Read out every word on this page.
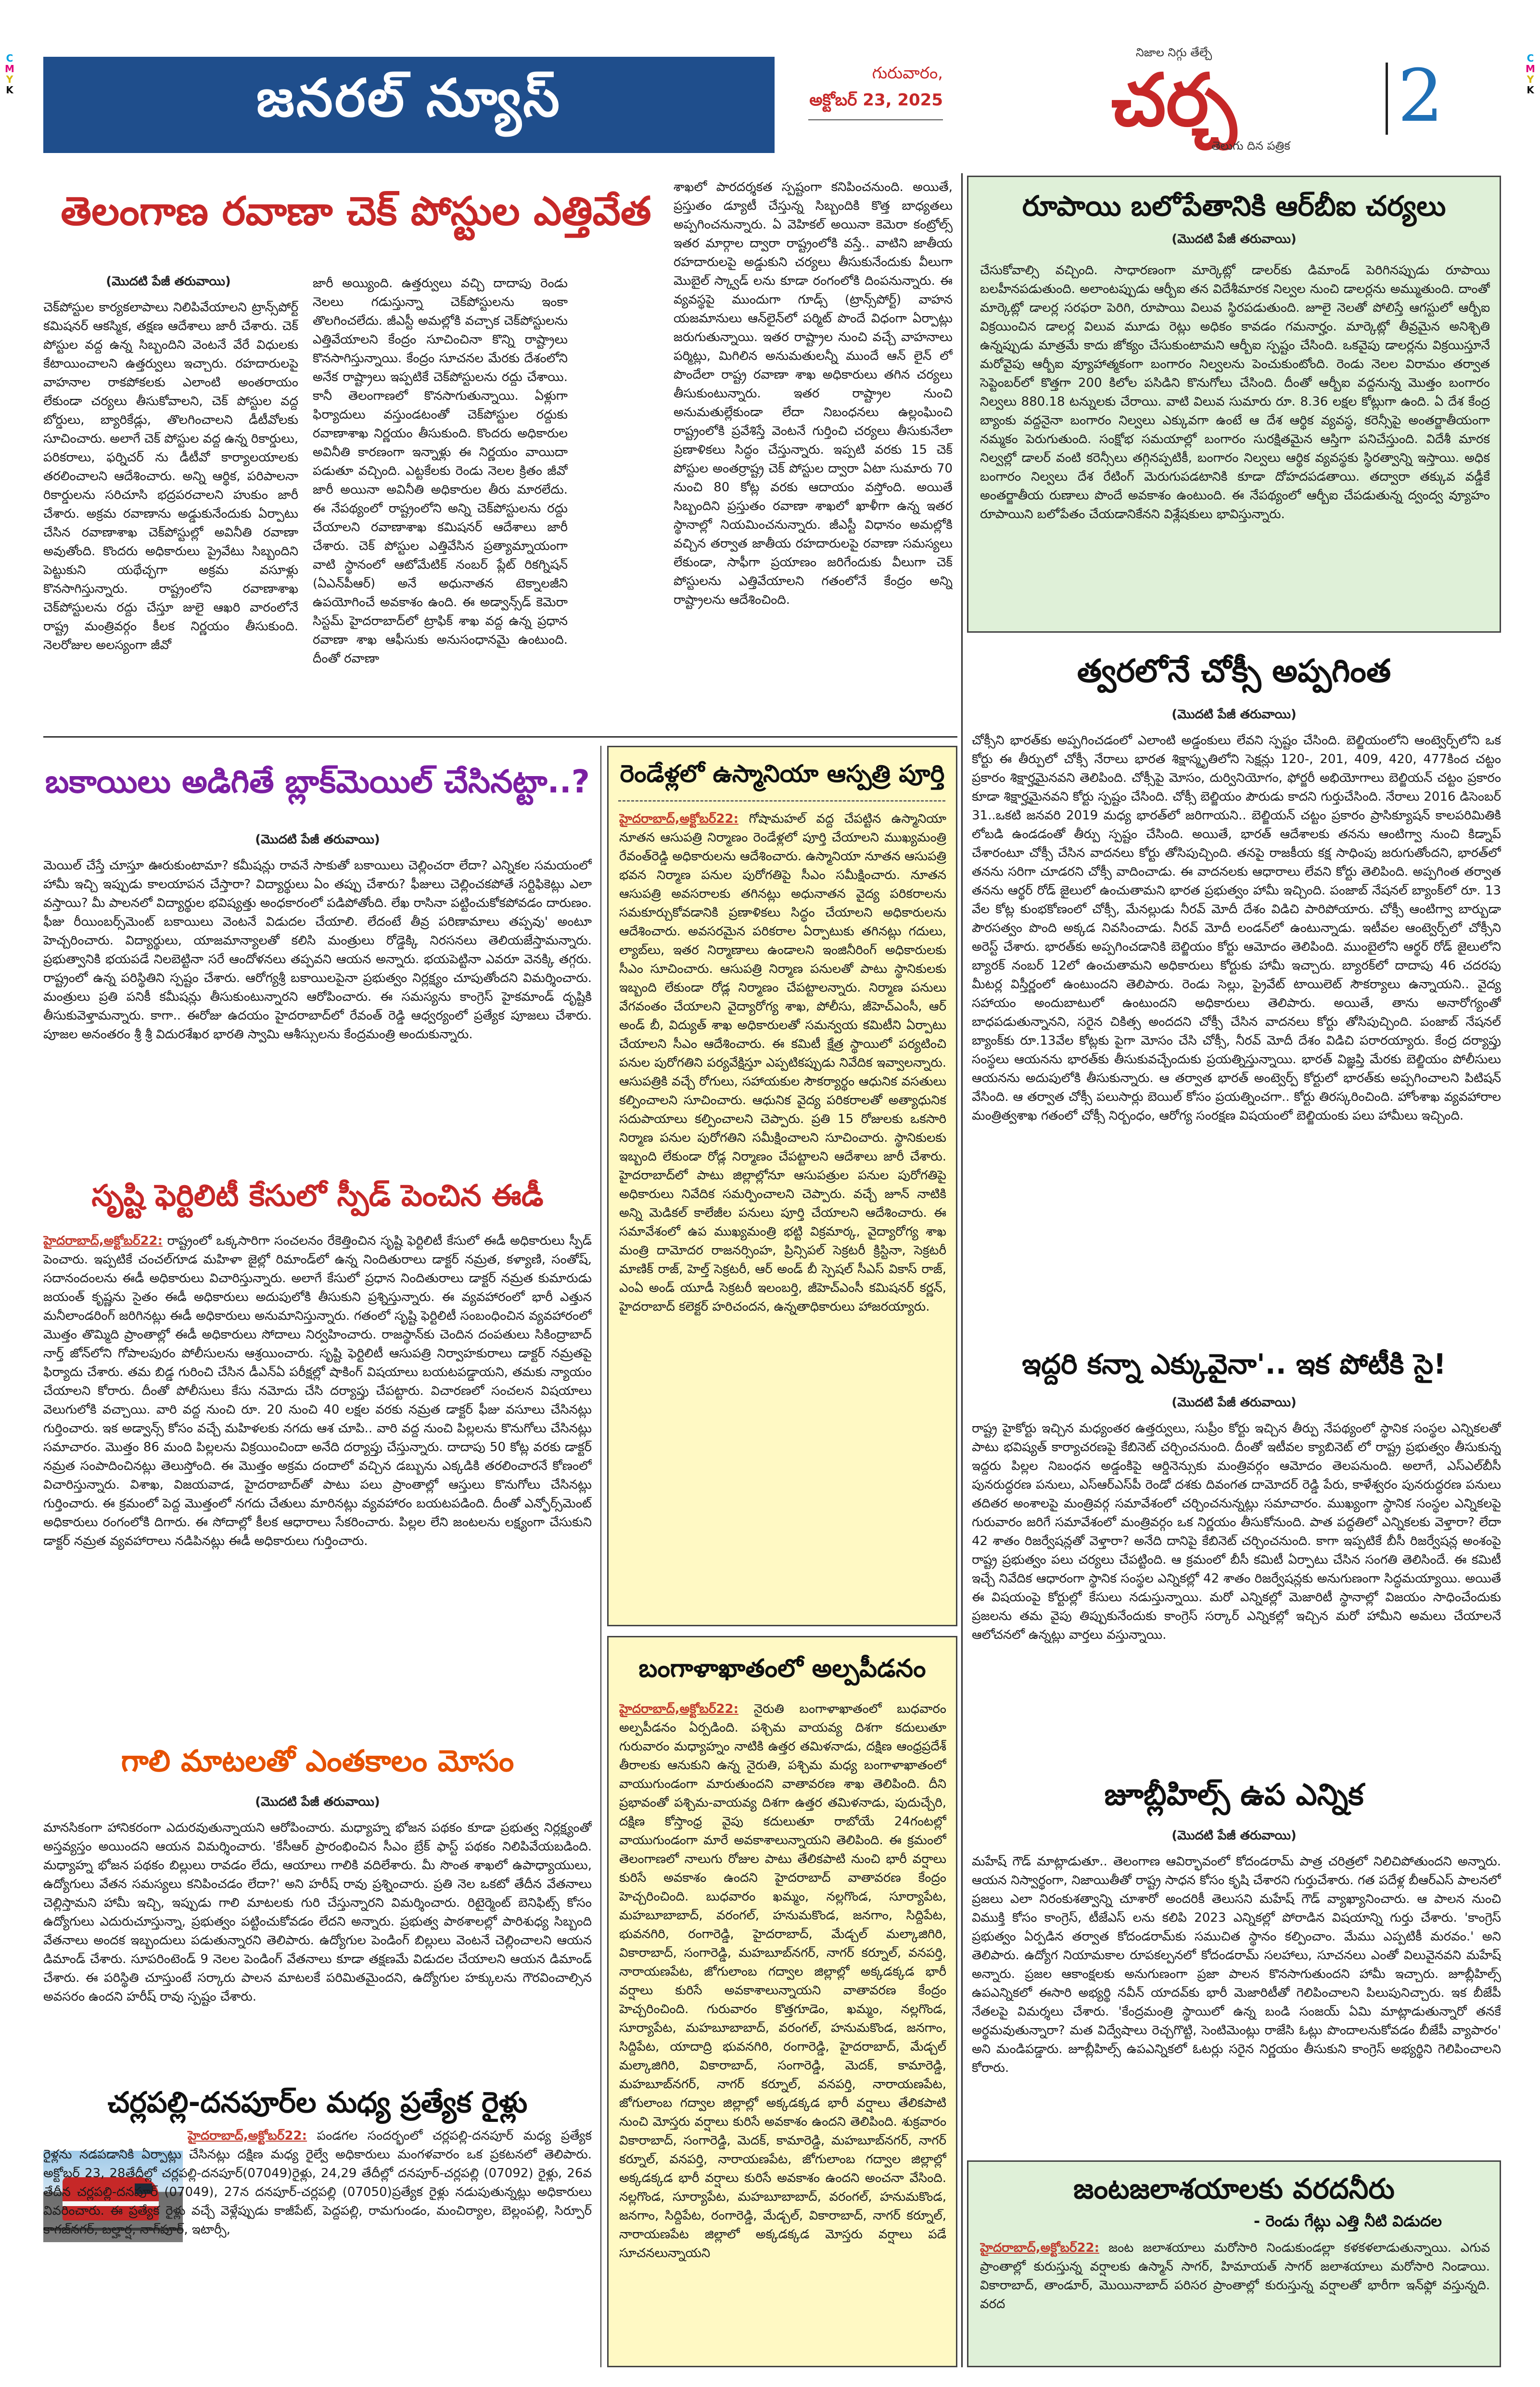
C
M
Y
K
C
M
Y
K
జనరల్ న్యూస్	గురువారం,
అక్టోబర్ 23, 2025
నిజాల నిగ్గు తేల్చే
చర్చ
తెలుగు దిన పత్రిక
2
తెలంగాణ రవాణా చెక్ పోస్టుల ఎత్తివేత
(మొదటి పేజీ తరువాయి)
చెక్‌పోస్టుల కార్యకలాపాలు నిలిపివేయాలని ట్రాన్స్‌పోర్ట్ కమిషనర్ ఆకస్మిక, తక్షణ ఆదేశాలు జారీ చేశారు. చెక్ పోస్టుల వద్ద ఉన్న సిబ్బందిని వెంటనే వేరే విధులకు కేటాయించాలని ఉత్తర్వులు ఇచ్చారు. రహదారులపై వాహనాల రాకపోకలకు ఎలాంటి అంతరాయం లేకుండా చర్యలు తీసుకోవాలని, చెక్ పోస్టుల వద్ద బోర్డులు, బ్యారికేడ్లు, తొలగించాలని డీటీవోలకు సూచించారు. అలాగే చెక్ పోస్టుల వద్ద ఉన్న రికార్డులు, పరికరాలు, ఫర్నిచర్ ను డీటీవో కార్యాలయాలకు తరలించాలని ఆదేశించారు. అన్ని ఆర్థిక, పరిపాలనా రికార్డులను సరిచూసి భద్రపరచాలని హుకుం జారీ చేశారు. అక్రమ రవాణాను అడ్డుకునేందుకు ఏర్పాటు చేసిన రవాణాశాఖ చెక్‌పోస్టుల్లో అవినీతి రవాణా అవుతోంది. కొందరు అధికారులు ప్రైవేటు సిబ్బందిని పెట్టుకుని యథేచ్ఛగా అక్రమ వసూళ్లు కొనసాగిస్తున్నారు. రాష్ట్రంలోని రవాణాశాఖ చెక్‌పోస్టులను రద్దు చేస్తూ జులై ఆఖరి వారంలోనే రాష్ట్ర మంత్రివర్గం కీలక నిర్ణయం తీసుకుంది. నెలరోజుల అలస్యంగా జీవో
జారీ అయ్యింది. ఉత్తర్వులు వచ్చి దాదాపు రెండు నెలలు గడుస్తున్నా చెక్‌పోస్టులను ఇంకా తొలగించలేదు. జీఎస్టీ అమల్లోకి వచ్చాక చెక్‌పోస్టులను ఎత్తివేయాలని కేంద్రం సూచించినా కొన్ని రాష్ట్రాలు కొనసాగిస్తున్నాయి. కేంద్రం సూచనల మేరకు దేశంలోని అనేక రాష్ట్రాలు ఇప్పటికే చెక్‌పోస్టులను రద్దు చేశాయి. కానీ తెలంగాణలో కొనసాగుతున్నాయి. ఏళ్లుగా ఫిర్యాదులు వస్తుండటంతో చెక్‌పోస్టుల రద్దుకు రవాణాశాఖ నిర్ణయం తీసుకుంది. కొందరు అధికారుల అవినీతి కారణంగా ఇన్నాళ్లు ఈ నిర్ణయం వాయిదా పడుతూ వచ్చింది. ఎట్టకేలకు రెండు నెలల క్రితం జీవో జారీ అయినా అవినీతి అధికారుల తీరు మారలేదు. ఈ నేపథ్యంలో రాష్ట్రంలోని అన్ని చెక్‌పోస్టులను రద్దు చేయాలని రవాణాశాఖ కమిషనర్ ఆదేశాలు జారీ చేశారు. చెక్ పోస్టుల ఎత్తివేసిన ప్రత్యామ్నాయంగా వాటి స్థానంలో ఆటోమేటిక్ నంబర్ ప్లేట్ రికగ్నిషన్ (ఏఎన్‌పీఆర్) అనే అధునాతన టెక్నాలజీని ఉపయోగించే అవకాశం ఉంది. ఈ అడ్వాన్స్‌డ్ కెమెరా సిస్టమ్ హైదరాబాద్‌లో ట్రాఫిక్ శాఖ వద్ద ఉన్న ప్రధాన రవాణా శాఖ ఆఫీసుకు అనుసంధానమై ఉంటుంది. దీంతో రవాణా
శాఖలో పారదర్శకత స్పష్టంగా కనిపించనుంది. అయితే, ప్రస్తుతం డ్యూటీ చేస్తున్న సిబ్బందికి కొత్త బాధ్యతలు అప్పగించనున్నారు. ఏ వెహికల్ అయినా కెమెరా కంట్రోల్స్ ఇతర మార్గాల ద్వారా రాష్ట్రంలోకి వస్తే.. వాటిని జాతీయ రహదారులపై అడ్డుకుని చర్యలు తీసుకునేందుకు వీలుగా మొబైల్ స్క్వాడ్ లను కూడా రంగంలోకి దింపనున్నారు. ఈ వ్యవస్థపై ముందుగా గూడ్స్ (ట్రాన్స్‌పోర్ట్) వాహన యజమానులు ఆన్‌లైన్‌లో పర్మిట్ పొందే విధంగా ఏర్పాట్లు జరుగుతున్నాయి. ఇతర రాష్ట్రాల నుంచి వచ్చే వాహనాలు పర్మిట్లు, మిగిలిన అనుమతులన్నీ ముందే ఆన్ లైన్ లో పొందేలా రాష్ట్ర రవాణా శాఖ అధికారులు తగిన చర్యలు తీసుకుంటున్నారు. ఇతర రాష్ట్రాల నుంచి అనుమతుల్లేకుండా లేదా నిబంధనలు ఉల్లంఘించి రాష్ట్రంలోకి ప్రవేశిస్తే వెంటనే గుర్తించి చర్యలు తీసుకునేలా ప్రణాళికలు సిద్ధం చేస్తున్నారు. ఇప్పటి వరకు 15 చెక్ పోస్టుల అంతర్రాష్ట్ర చెక్ పోస్టుల ద్వారా ఏటా సుమారు 70 నుంచి 80 కోట్ల వరకు ఆదాయం వస్తోంది. అయితే సిబ్బందిని ప్రస్తుతం రవాణా శాఖలో ఖాళీగా ఉన్న ఇతర స్థానాల్లో నియమించనున్నారు. జీఎస్టీ విధానం అమల్లోకి వచ్చిన తర్వాత జాతీయ రహదారులపై రవాణా సమస్యలు లేకుండా, సాఫీగా ప్రయాణం జరిగేందుకు వీలుగా చెక్ పోస్టులను ఎత్తివేయాలని గతంలోనే కేంద్రం అన్ని రాష్ట్రాలను ఆదేశించింది.
బకాయిలు అడిగితే బ్లాక్‌మెయిల్ చేసినట్టా..?
(మొదటి పేజీ తరువాయి)
మెయిల్ చేస్తే చూస్తూ ఊరుకుంటామా? కమీషన్లు రావనే సాకుతో బకాయిలు చెల్లించరా లేదా? ఎన్నికల సమయంలో హామీ ఇచ్చి ఇప్పుడు కాలయాపన చేస్తారా? విద్యార్థులు ఏం తప్పు చేశారు? ఫీజులు చెల్లించకపోతే సర్టిఫికెట్లు ఎలా వస్తాయి? మీ పాలనలో విద్యార్థుల భవిష్యత్తు అంధకారంలో పడిపోతోంది. లేఖ రాసినా పట్టించుకోకపోవడం దారుణం. ఫీజు రీయింబర్స్‌మెంట్ బకాయిలు వెంటనే విడుదల చేయాలి. లేదంటే తీవ్ర పరిణామాలు తప్పవు' అంటూ హెచ్చరించారు. విద్యార్థులు, యాజమాన్యాలతో కలిసి మంత్రులు రోడ్డెక్కి నిరసనలు తెలియజేస్తామన్నారు. ప్రభుత్వానికి భయపడే నిలబెట్టినా సరే ఆందోళనలు తప్పవని ఆయన అన్నారు. భయపెట్టినా ఎవరూ వెనక్కి తగ్గరు. రాష్ట్రంలో ఉన్న పరిస్థితిని స్పష్టం చేశారు. ఆరోగ్యశ్రీ బకాయిలపైనా ప్రభుత్వం నిర్లక్ష్యం చూపుతోందని విమర్శించారు. మంత్రులు ప్రతి పనికీ కమీషన్లు తీసుకుంటున్నారని ఆరోపించారు. ఈ సమస్యను కాంగ్రెస్ హైకమాండ్ దృష్టికి తీసుకువెళ్తామన్నారు. కాగా.. ఈరోజు ఉదయం హైదరాబాద్‌లో రేవంత్ రెడ్డి ఆధ్వర్యంలో ప్రత్యేక పూజలు చేశారు. పూజల అనంతరం శ్రీ శ్రీ విదురశేఖర భారతి స్వామి ఆశీస్సులను కేంద్రమంత్రి అందుకున్నారు.
సృష్టి ఫెర్టిలిటీ కేసులో స్పీడ్ పెంచిన ఈడీ
హైదరాబాద్,అక్టోబర్22: రాష్ట్రంలో ఒక్కసారిగా సంచలనం రేకెత్తించిన సృష్టి ఫెర్టిలిటీ కేసులో ఈడీ అధికారులు స్పీడ్ పెంచారు. ఇప్పటికే చంచల్‌గూడ మహిళా జైల్లో రిమాండ్‌లో ఉన్న నిందితురాలు డాక్టర్ నమ్రత, కళ్యాణి, సంతోష్, సదానందంలను ఈడీ అధికారులు విచారిస్తున్నారు. అలాగే కేసులో ప్రధాన నిందితురాలు డాక్టర్ నమ్రత కుమారుడు జయంత్ కృష్ణను సైతం ఈడీ అధికారులు అదుపులోకి తీసుకుని ప్రశ్నిస్తున్నారు. ఈ వ్యవహారంలో భారీ ఎత్తున మనీలాండరింగ్ జరిగినట్లు ఈడీ అధికారులు అనుమానిస్తున్నారు. గతంలో సృష్టి ఫెర్టిలిటీ సంబంధించిన వ్యవహారంలో మొత్తం తొమ్మిది ప్రాంతాల్లో ఈడీ అధికారులు సోదాలు నిర్వహించారు. రాజస్థాన్‌కు చెందిన దంపతులు సికింద్రాబాద్ నార్త్ జోన్‌లోని గోపాలపురం పోలీసులను ఆశ్రయించారు. సృష్టి ఫెర్టిలిటీ ఆసుపత్రి నిర్వాహకురాలు డాక్టర్ నమ్రతపై ఫిర్యాదు చేశారు. తమ బిడ్డ గురించి చేసిన డీఎన్ఏ పరీక్షల్లో షాకింగ్ విషయాలు బయటపడ్డాయని, తమకు న్యాయం చేయాలని కోరారు. దీంతో పోలీసులు కేసు నమోదు చేసి దర్యాప్తు చేపట్టారు. విచారణలో సంచలన విషయాలు వెలుగులోకి వచ్చాయి. వారి వద్ద నుంచి రూ. 20 నుంచి 40 లక్షల వరకు నమ్రత డాక్టర్ ఫీజు వసూలు చేసినట్లు గుర్తించారు. ఇక అడ్వాన్స్ కోసం వచ్చే మహిళలకు నగదు ఆశ చూపి.. వారి వద్ద నుంచి పిల్లలను కొనుగోలు చేసినట్లు సమాచారం. మొత్తం 86 మంది పిల్లలను విక్రయించిందా అనేది దర్యాప్తు చేస్తున్నారు. దాదాపు 50 కోట్ల వరకు డాక్టర్ నమ్రత సంపాదించినట్లు తెలుస్తోంది. ఈ మొత్తం అక్రమ దందాలో వచ్చిన డబ్బును ఎక్కడికి తరలించారనే కోణంలో విచారిస్తున్నారు. విశాఖ, విజయవాడ, హైదరాబాద్‌తో పాటు పలు ప్రాంతాల్లో ఆస్తులు కొనుగోలు చేసినట్లు గుర్తించారు. ఈ క్రమంలో పెద్ద మొత్తంలో నగదు చేతులు మారినట్లు వ్యవహారం బయటపడింది. దీంతో ఎన్ఫోర్స్‌మెంట్ అధికారులు రంగంలోకి దిగారు. ఈ సోదాల్లో కీలక ఆధారాలు సేకరించారు. పిల్లల లేని జంటలను లక్ష్యంగా చేసుకుని డాక్టర్ నమ్రత వ్యవహారాలు నడిపినట్లు ఈడీ అధికారులు గుర్తించారు.
గాలి మాటలతో ఎంతకాలం మోసం
(మొదటి పేజీ తరువాయి)
మానసికంగా హానికరంగా ఎదురవుతున్నాయని ఆరోపించారు. మధ్యాహ్న భోజన పథకం కూడా ప్రభుత్వ నిర్లక్ష్యంతో అస్తవ్యస్తం అయిందని ఆయన విమర్శించారు. 'కేసీఆర్ ప్రారంభించిన సీఎం బ్రేక్ ఫాస్ట్ పథకం నిలిపివేయబడింది. మధ్యాహ్న భోజన పథకం బిల్లులు రావడం లేదు, ఆయాలు గాలికి వదిలేశారు. మీ సొంత శాఖలో ఉపాధ్యాయులు, ఉద్యోగులు వేతన సమస్యలు కనిపించడం లేదా?' అని హరీష్ రావు ప్రశ్నించారు. ప్రతి నెల ఒకటో తేదీన వేతనాలు చెల్లిస్తామని హామీ ఇచ్చి, ఇప్పుడు గాలి మాటలకు గురి చేస్తున్నారని విమర్శించారు. రిటైర్మెంట్ బెనిఫిట్స్ కోసం ఉద్యోగులు ఎదురుచూస్తున్నా, ప్రభుత్వం పట్టించుకోవడం లేదని అన్నారు. ప్రభుత్వ పాఠశాలల్లో పారిశుధ్య సిబ్బంది వేతనాలు అందక ఇబ్బందులు పడుతున్నారని తెలిపారు. ఉద్యోగుల పెండింగ్ బిల్లులు వెంటనే చెల్లించాలని ఆయన డిమాండ్ చేశారు. సూపరింటెండ్ 9 నెలల పెండింగ్ వేతనాలు కూడా తక్షణమే విడుదల చేయాలని ఆయన డిమాండ్ చేశారు. ఈ పరిస్థితి చూస్తుంటే సర్కారు పాలన మాటలకే పరిమితమైందని, ఉద్యోగుల హక్కులను గౌరవించాల్సిన అవసరం ఉందని హరీష్ రావు స్పష్టం చేశారు.
చర్లపల్లి-దనపూర్‌ల మధ్య ప్రత్యేక రైళ్లు
హైదరాబాద్,అక్టోబర్22: పండగల సందర్భంలో చర్లపల్లి-దనపూర్ మధ్య ప్రత్యేక రైళ్లను నడపడానికి ఏర్పాట్లు చేసినట్లు దక్షిణ మధ్య రైల్వే అధికారులు మంగళవారం ఒక ప్రకటనలో తెలిపారు. అక్టోబర్ 23, 28తేదీల్లో చర్లపల్లి-దనపూర్(07049)రైళ్లు, 24,29 తేదీల్లో దనపూర్-చర్లపల్లి (07092) రైళ్లు, 26వ తేదీన చర్లపల్లి-దనపూర్ (07049), 27న దనపూర్-చర్లపల్లి (07050)ప్రత్యేక రైళ్లు నడుపుతున్నట్లు అధికారులు వివరించారు. ఈ ప్రత్యేక రైళ్లు వచ్చే వెళ్లేప్పుడు కాజీపేట్, పెద్దపల్లి, రామగుండం, మంచిర్యాల, బెల్లంపల్లి, సిర్పూర్ కాగజ్‌నగర్, బల్హార్ష, నాగ్‌పూర్, ఇటార్సీ,
రెండేళ్లలో ఉస్మానియా ఆస్పత్రి పూర్తి
హైదరాబాద్,అక్టోబర్22: గోషామహల్ వద్ద చేపట్టిన ఉస్మానియా నూతన ఆసుపత్రి నిర్మాణం రెండేళ్లలో పూర్తి చేయాలని ముఖ్యమంత్రి రేవంత్‌రెడ్డి అధికారులను ఆదేశించారు. ఉస్మానియా నూతన ఆసుపత్రి భవన నిర్మాణ పనుల పురోగతిపై సీఎం సమీక్షించారు. నూతన ఆసుపత్రి అవసరాలకు తగినట్లు అధునాతన వైద్య పరికరాలను సమకూర్చుకోవడానికి ప్రణాళికలు సిద్ధం చేయాలని అధికారులను ఆదేశించారు. అవసరమైన పరికరాల ఏర్పాటుకు తగినట్లు గదులు, ల్యాబ్‌లు, ఇతర నిర్మాణాలు ఉండాలని ఇంజినీరింగ్ అధికారులకు సీఎం సూచించారు. ఆసుపత్రి నిర్మాణ పనులతో పాటు స్థానికులకు ఇబ్బంది లేకుండా రోడ్ల నిర్మాణం చేపట్టాలన్నారు. నిర్మాణ పనులు వేగవంతం చేయాలని వైద్యారోగ్య శాఖ, పోలీసు, జీహెచ్ఎంసీ, ఆర్ అండ్ బీ, విద్యుత్ శాఖ అధికారులతో సమన్వయ కమిటీని ఏర్పాటు చేయాలని సీఎం ఆదేశించారు. ఈ కమిటీ క్షేత్ర స్థాయిలో పర్యటించి పనుల పురోగతిని పర్యవేక్షిస్తూ ఎప్పటికప్పుడు నివేదిక ఇవ్వాలన్నారు. ఆసుపత్రికి వచ్చే రోగులు, సహాయకుల సౌకర్యార్థం ఆధునిక వసతులు కల్పించాలని సూచించారు. ఆధునిక వైద్య పరికరాలతో అత్యాధునిక సదుపాయాలు కల్పించాలని చెప్పారు. ప్రతి 15 రోజులకు ఒకసారి నిర్మాణ పనుల పురోగతిని సమీక్షించాలని సూచించారు. స్థానికులకు ఇబ్బంది లేకుండా రోడ్ల నిర్మాణం చేపట్టాలని ఆదేశాలు జారీ చేశారు. హైదరాబాద్‌లో పాటు జిల్లాల్లోనూ ఆసుపత్రుల పనుల పురోగతిపై అధికారులు నివేదిక సమర్పించాలని చెప్పారు. వచ్చే జూన్ నాటికి అన్ని మెడికల్ కాలేజీల పనులు పూర్తి చేయాలని ఆదేశించారు. ఈ సమావేశంలో ఉప ముఖ్యమంత్రి భట్టి విక్రమార్క, వైద్యారోగ్య శాఖ మంత్రి దామోదర రాజనర్సింహ, ప్రిన్సిపల్ సెక్రటరీ క్రిస్టినా, సెక్రటరీ మాణిక్ రాజ్, హెల్త్ సెక్రటరీ, ఆర్ అండ్ బీ స్పెషల్ సీఎస్ వికాస్ రాజ్, ఎంఏ అండ్ యూడీ సెక్రటరీ ఇలంబర్తి, జీహెచ్ఎంసీ కమిషనర్ కర్ణన్, హైదరాబాద్ కలెక్టర్ హరిచందన, ఉన్నతాధికారులు హాజరయ్యారు.
బంగాళాఖాతంలో అల్పపీడనం
హైదరాబాద్,అక్టోబర్22: నైరుతి బంగాళాఖాతంలో బుధవారం అల్పపీడనం ఏర్పడింది. పశ్చిమ వాయవ్య దిశగా కదులుతూ గురువారం మధ్యాహ్నం నాటికి ఉత్తర తమిళనాడు, దక్షిణ ఆంధ్రప్రదేశ్ తీరాలకు ఆనుకుని ఉన్న నైరుతి, పశ్చిమ మధ్య బంగాళాఖాతంలో వాయుగుండంగా మారుతుందని వాతావరణ శాఖ తెలిపింది. దీని ప్రభావంతో పశ్చిమ-వాయవ్య దిశగా ఉత్తర తమిళనాడు, పుదుచ్చేరి, దక్షిణ కోస్తాంధ్ర వైపు కదులుతూ రాబోయే 24గంటల్లో వాయుగుండంగా మారే అవకాశాలున్నాయని తెలిపింది. ఈ క్రమంలో తెలంగాణలో నాలుగు రోజుల పాటు తేలికపాటి నుంచి భారీ వర్షాలు కురిసే అవకాశం ఉందని హైదరాబాద్ వాతావరణ కేంద్రం హెచ్చరించింది. బుధవారం ఖమ్మం, నల్లగొండ, సూర్యాపేట, మహబూబాబాద్, వరంగల్, హనుమకొండ, జనగాం, సిద్దిపేట, భువనగిరి, రంగారెడ్డి, హైదరాబాద్, మేడ్చల్ మల్కాజిగిరి, వికారాబాద్, సంగారెడ్డి, మహబూబ్‌నగర్, నాగర్ కర్నూల్, వనపర్తి, నారాయణపేట, జోగులాంబ గద్వాల జిల్లాల్లో అక్కడక్కడ భారీ వర్షాలు కురిసే అవకాశాలున్నాయని వాతావరణ కేంద్రం హెచ్చరించింది. గురువారం కొత్తగూడెం, ఖమ్మం, నల్లగొండ, సూర్యాపేట, మహబూబాబాద్, వరంగల్, హనుమకొండ, జనగాం, సిద్దిపేట, యాదాద్రి భువనగిరి, రంగారెడ్డి, హైదరాబాద్, మేడ్చల్ మల్కాజిగిరి, వికారాబాద్, సంగారెడ్డి, మెదక్, కామారెడ్డి, మహబూబ్‌నగర్, నాగర్ కర్నూల్, వనపర్తి, నారాయణపేట, జోగులాంబ గద్వాల జిల్లాల్లో అక్కడక్కడ భారీ వర్షాలు తేలికపాటి నుంచి మోస్తరు వర్షాలు కురిసే అవకాశం ఉందని తెలిపింది. శుక్రవారం వికారాబాద్, సంగారెడ్డి, మెదక్, కామారెడ్డి, మహబూబ్‌నగర్, నాగర్ కర్నూల్, వనపర్తి, నారాయణపేట, జోగులాంబ గద్వాల జిల్లాల్లో అక్కడక్కడ భారీ వర్షాలు కురిసే అవకాశం ఉందని అంచనా వేసింది. నల్లగొండ, సూర్యాపేట, మహబూబాబాద్, వరంగల్, హనుమకొండ, జనగాం, సిద్దిపేట, రంగారెడ్డి, మేడ్చల్, వికారాబాద్, నాగర్ కర్నూల్, నారాయణపేట జిల్లాలో అక్కడక్కడ మోస్తరు వర్షాలు పడే సూచనలున్నాయని
రూపాయి బలోపేతానికి ఆర్‌బీఐ చర్యలు
(మొదటి పేజీ తరువాయి)
చేసుకోవాల్సి వచ్చింది. సాధారణంగా మార్కెట్లో డాలర్‌కు డిమాండ్ పెరిగినప్పుడు రూపాయి బలహీనపడుతుంది. అలాంటప్పుడు ఆర్బీఐ తన విదేశీమారక నిల్వల నుంచి డాలర్లను అమ్ముతుంది. దాంతో మార్కెట్లో డాలర్ల సరఫరా పెరిగి, రూపాయి విలువ స్థిరపడుతుంది. జూలై నెలతో పోలిస్తే ఆగస్టులో ఆర్బీఐ విక్రయించిన డాలర్ల విలువ మూడు రెట్లు అధికం కావడం గమనార్హం. మార్కెట్లో తీవ్రమైన అనిశ్చితి ఉన్నప్పుడు మాత్రమే కాదు జోక్యం చేసుకుంటామని ఆర్బీఐ స్పష్టం చేసింది. ఒకవైపు డాలర్లను విక్రయిస్తూనే మరోవైపు ఆర్బీఐ వ్యూహాత్మకంగా బంగారం నిల్వలను పెంచుకుంటోంది. రెండు నెలల విరామం తర్వాత సెప్టెంబర్‌లో కొత్తగా 200 కిలోల పసిడిని కొనుగోలు చేసింది. దీంతో ఆర్బీఐ వద్దనున్న మొత్తం బంగారం నిల్వలు 880.18 టన్నులకు చేరాయి. వాటి విలువ సుమారు రూ. 8.36 లక్షల కోట్లుగా ఉంది. ఏ దేశ కేంద్ర బ్యాంకు వద్దనైనా బంగారం నిల్వలు ఎక్కువగా ఉంటే ఆ దేశ ఆర్థిక వ్యవస్థ, కరెన్సీపై అంతర్జాతీయంగా నమ్మకం పెరుగుతుంది. సంక్షోభ సమయాల్లో బంగారం సురక్షితమైన ఆస్తిగా పనిచేస్తుంది. విదేశీ మారక నిల్వల్లో డాలర్ వంటి కరెన్సీలు తగ్గినప్పటికీ, బంగారం నిల్వలు ఆర్థిక వ్యవస్థకు స్థిరత్వాన్ని ఇస్తాయి. అధిక బంగారం నిల్వలు దేశ రేటింగ్ మెరుగుపడటానికి కూడా దోహదపడతాయి. తద్వారా తక్కువ వడ్డీకే అంతర్జాతీయ రుణాలు పొందే అవకాశం ఉంటుంది. ఈ నేపథ్యంలో ఆర్బీఐ చేపడుతున్న ద్వంద్వ వ్యూహం రూపాయిని బలోపేతం చేయడానికేనని విశ్లేషకులు భావిస్తున్నారు.
త్వరలోనే చోక్సీ అప్పగింత
(మొదటి పేజీ తరువాయి)
చోక్సీని భారత్‌కు అప్పగించడంలో ఎలాంటి అడ్డంకులు లేవని స్పష్టం చేసింది. బెల్జియంలోని ఆంట్వెర్ప్‌లోని ఒక కోర్టు ఈ తీర్పులో చోక్సీ నేరాలు భారత శిక్షాస్మృతిలోని సెక్షన్లు 120-, 201, 409, 420, 477కింద చట్టం ప్రకారం శిక్షార్హమైనవని తెలిపింది. చోక్సీపై మోసం, దుర్వినియోగం, ఫోర్జరీ అభియోగాలు బెల్జియన్ చట్టం ప్రకారం కూడా శిక్షార్హమైనవని కోర్టు స్పష్టం చేసింది. చోక్సీ బెల్జియం పౌరుడు కాదని గుర్తుచేసింది. నేరాలు 2016 డిసెంబర్ 31..ఒకటి జనవరి 2019 మధ్య భారత్‌లో జరిగాయని.. బెల్జియన్ చట్టం ప్రకారం ప్రాసిక్యూషన్ కాలపరిమితికి లోబడి ఉండడంతో తీర్పు స్పష్టం చేసింది. అయితే, భారత్ ఆదేశాలకు తనను ఆంటిగ్వా నుంచి కిడ్నాప్ చేశారంటూ చోక్సీ చేసిన వాదనలు కోర్టు తోసిపుచ్చింది. తనపై రాజకీయ కక్ష సాధింపు జరుగుతోందని, భారత్‌లో తనను సరిగా చూడరని చోక్సీ వాదించాడు. ఈ వాదనలకు ఆధారాలు లేవని కోర్టు తెలిపింది. అప్పగింత తర్వాత తనను ఆర్థర్ రోడ్ జైలులో ఉంచుతామని భారత ప్రభుత్వం హామీ ఇచ్చింది. పంజాబ్ నేషనల్ బ్యాంక్‌లో రూ. 13 వేల కోట్ల కుంభకోణంలో చోక్సీ, మేనల్లుడు నీరవ్ మోదీ దేశం విడిచి పారిపోయారు. చోక్సీ ఆంటిగ్వా బార్బుడా పౌరసత్వం పొంది అక్కడ నివసించాడు. నీరవ్ మోదీ లండన్‌లో ఉంటున్నాడు. ఇటీవల ఆంట్వెర్ప్‌లో చోక్సీని అరెస్ట్ చేశారు. భారత్‌కు అప్పగించడానికి బెల్జియం కోర్టు ఆమోదం తెలిపింది. ముంబైలోని ఆర్థర్ రోడ్ జైలులోని బ్యారక్ నంబర్ 12లో ఉంచుతామని అధికారులు కోర్టుకు హామీ ఇచ్చారు. బ్యారక్‌లో దాదాపు 46 చదరపు మీటర్ల విస్తీర్ణంలో ఉంటుందని తెలిపారు. రెండు సెల్లు, ప్రైవేట్ టాయిలెట్ సౌకర్యాలు ఉన్నాయని.. వైద్య సహాయం అందుబాటులో ఉంటుందని అధికారులు తెలిపారు. అయితే, తాను అనారోగ్యంతో బాధపడుతున్నానని, సరైన చికిత్స అందదని చోక్సీ చేసిన వాదనలు కోర్టు తోసిపుచ్చింది. పంజాబ్ నేషనల్ బ్యాంక్‌కు రూ.13వేల కోట్లకు పైగా మోసం చేసి చోక్సీ, నీరవ్ మోదీ దేశం విడిచి పరారయ్యారు. కేంద్ర దర్యాప్తు సంస్థలు ఆయనను భారత్‌కు తీసుకువచ్చేందుకు ప్రయత్నిస్తున్నాయి. భారత్ విజ్ఞప్తి మేరకు బెల్జియం పోలీసులు ఆయనను అదుపులోకి తీసుకున్నారు. ఆ తర్వాత భారత్ అంట్వెర్ప్ కోర్టులో భారత్‌కు అప్పగించాలని పిటిషన్ వేసింది. ఆ తర్వాత చోక్సీ పలుసార్లు బెయిల్ కోసం ప్రయత్నించగా.. కోర్టు తిరస్కరించింది. హోంశాఖ వ్యవహారాల మంత్రిత్వశాఖ గతంలో చోక్సీ నిర్బంధం, ఆరోగ్య సంరక్షణ విషయంలో బెల్జియంకు పలు హామీలు ఇచ్చింది.
ఇద్దరి కన్నా ఎక్కువైనా'.. ఇక పోటీకి సై!
(మొదటి పేజీ తరువాయి)
రాష్ట్ర హైకోర్టు ఇచ్చిన మధ్యంతర ఉత్తర్వులు, సుప్రీం కోర్టు ఇచ్చిన తీర్పు నేపథ్యంలో స్థానిక సంస్థల ఎన్నికలతో పాటు భవిష్యత్ కార్యాచరణపై కేబినెట్ చర్చించనుంది. దీంతో ఇటీవల క్యాబినెట్ లో రాష్ట్ర ప్రభుత్వం తీసుకున్న ఇద్దరు పిల్లల నిబంధన అడ్డంకిపై ఆర్డినెన్సుకు మంత్రివర్గం ఆమోదం తెలపనుంది. అలాగే, ఎస్ఎల్‌బీసీ పునరుద్ధరణ పనులు, ఎస్‌ఆర్ఎస్‌పీ రెండో దశకు దివంగత దామోదర్ రెడ్డి పేరు, కాళేశ్వరం పునరుద్ధరణ పనులు తదితర అంశాలపై మంత్రివర్గ సమావేశంలో చర్చించనున్నట్లు సమాచారం. ముఖ్యంగా స్థానిక సంస్థల ఎన్నికలపై గురువారం జరిగే సమావేశంలో మంత్రివర్గం ఒక నిర్ణయం తీసుకోనుంది. పాత పద్ధతిలో ఎన్నికలకు వెళ్తారా? లేదా 42 శాతం రిజర్వేషన్లతో వెళ్తారా? అనేది దానిపై కేబినెట్ చర్చించనుంది. కాగా ఇప్పటికే బీసీ రిజర్వేషన్ల అంశంపై రాష్ట్ర ప్రభుత్వం పలు చర్యలు చేపట్టింది. ఆ క్రమంలో బీసీ కమిటీ ఏర్పాటు చేసిన సంగతి తెలిసిందే. ఈ కమిటీ ఇచ్చే నివేదిక ఆధారంగా స్థానిక సంస్థల ఎన్నికల్లో 42 శాతం రిజర్వేషన్లకు అనుగుణంగా సిద్ధమయ్యాయి. అయితే ఈ విషయంపై కోర్టుల్లో కేసులు నడుస్తున్నాయి. మరో ఎన్నికల్లో మెజారిటీ స్థానాల్లో విజయం సాధించేందుకు ప్రజలను తమ వైపు తిప్పుకునేందుకు కాంగ్రెస్ సర్కార్ ఎన్నికల్లో ఇచ్చిన మరో హామీని అమలు చేయాలనే ఆలోచనలో ఉన్నట్లు వార్తలు వస్తున్నాయి.
జూబ్లీహిల్స్ ఉప ఎన్నిక
(మొదటి పేజీ తరువాయి)
మహేష్ గౌడ్ మాట్లాడుతూ.. తెలంగాణ ఆవిర్భావంలో కోదండరామ్ పాత్ర చరిత్రలో నిలిచిపోతుందని అన్నారు. ఆయన నిస్వార్థంగా, నిజాయితీతో రాష్ట్ర సాధన కోసం కృషి చేశారని గుర్తుచేశారు. గత పదేళ్ల బీఆర్ఎస్ పాలనలో ప్రజలు ఎలా నిరంకుశత్వాన్ని చూశారో అందరికీ తెలుసని మహేష్ గౌడ్ వ్యాఖ్యానించారు. ఆ పాలన నుంచి విముక్తి కోసం కాంగ్రెస్, టీజేఎస్ లను కలిపి 2023 ఎన్నికల్లో పోరాడిన విషయాన్ని గుర్తు చేశారు. 'కాంగ్రెస్ ప్రభుత్వం ఏర్పడిన తర్వాత కోదండరామ్‌కు సముచిత స్థానం కల్పించాం. మేము ఎప్పటికీ మరవం.' అని తెలిపారు. ఉద్యోగ నియామకాల రూపకల్పనలో కోదండరామ్ సలహాలు, సూచనలు ఎంతో విలువైనవని మహేష్ అన్నారు. ప్రజల ఆకాంక్షలకు అనుగుణంగా ప్రజా పాలన కొనసాగుతుందని హామీ ఇచ్చారు. జూబ్లీహిల్స్ ఉపఎన్నికలో ఈసారి అభ్యర్థి నవీన్ యాదవ్‌కు భారీ మెజారిటీతో గెలిపించాలని పిలుపునిచ్చారు. ఇక బీజేపీ నేతలపై విమర్శలు చేశారు. 'కేంద్రమంత్రి స్థాయిలో ఉన్న బండి సంజయ్ ఏమి మాట్లాడుతున్నారో తనకే అర్థమవుతున్నారా? మత విద్వేషాలు రెచ్చగొట్టి, సెంటిమెంట్లు రాజేసి ఓట్లు పొందాలనుకోవడం బీజేపీ వ్యాపారం' అని మండిపడ్డారు. జూబ్లీహిల్స్ ఉపఎన్నికలో ఓటర్లు సరైన నిర్ణయం తీసుకుని కాంగ్రెస్ అభ్యర్థిని గెలిపించాలని కోరారు.
జంటజలాశయాలకు వరదనీరు
- రెండు గేట్లు ఎత్తి నీటి విడుదల
హైదరాబాద్,అక్టోబర్22: జంట జలాశయాలు మరోసారి నిండుకుండల్లా కళకళలాడుతున్నాయి. ఎగువ ప్రాంతాల్లో కురుస్తున్న వర్షాలకు ఉస్మాన్ సాగర్, హిమాయత్ సాగర్ జలాశయాలు మరోసారి నిండాయి. వికారాబాద్, తాండూర్, మొయినాబాద్ పరిసర ప్రాంతాల్లో కురుస్తున్న వర్షాలతో భారీగా ఇన్‌ఫ్లో వస్తున్నది. వరద
